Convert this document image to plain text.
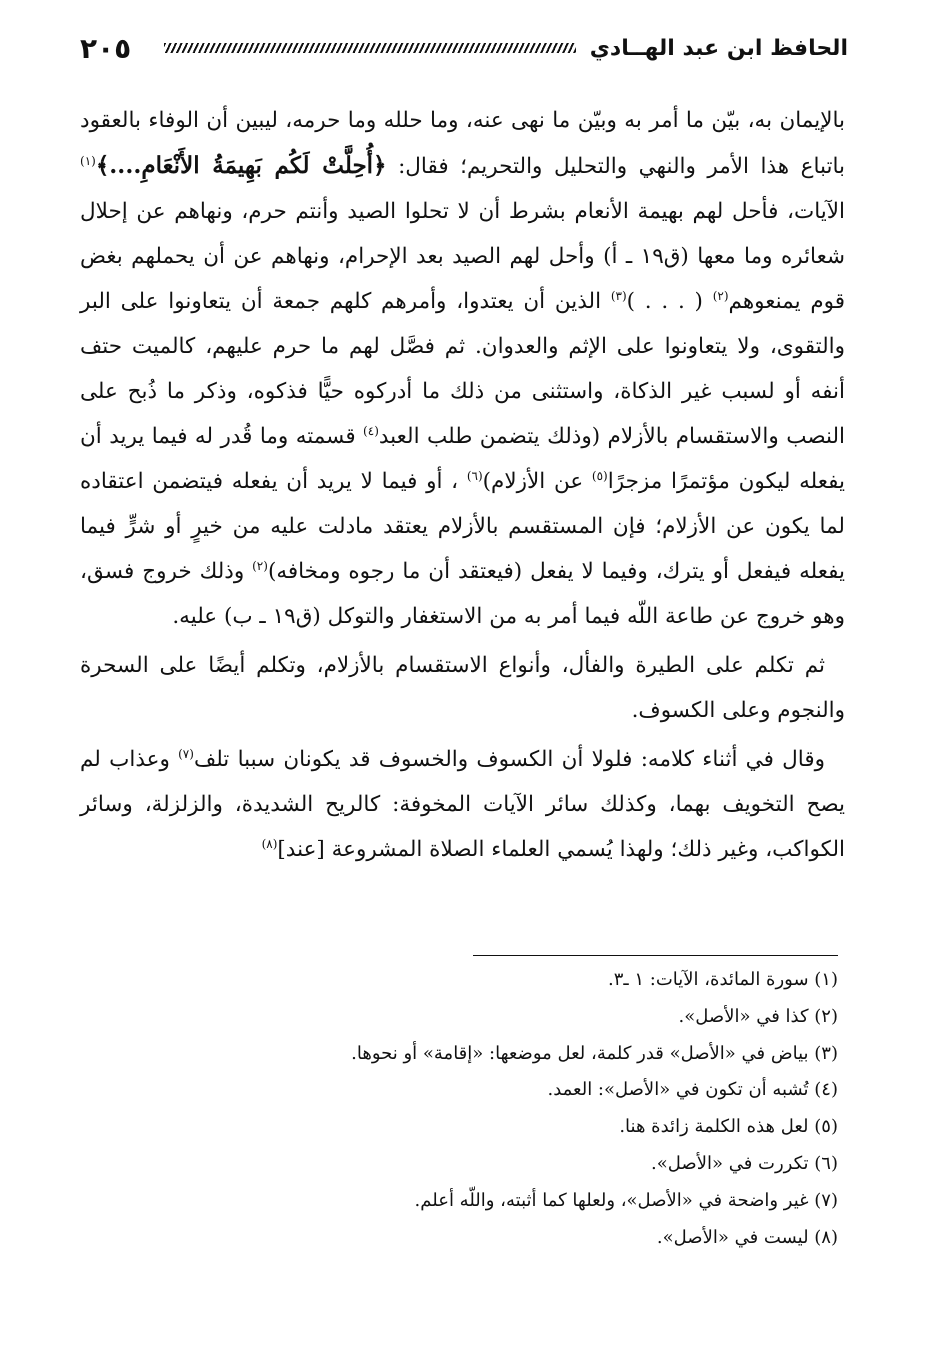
٢٠٥	الحافظ ابن عبد الهــادي

بالإيمان به، بيّن ما أمر به وبيّن ما نهى عنه، وما حلله وما حرمه، ليبين أن الوفاء بالعقود باتباع هذا الأمر والنهي والتحليل والتحريم؛ فقال: ﴿أُحِلَّتْ لَكُم بَهِيمَةُ الأَنْعَامِ....﴾$^{(١)}$ الآيات، فأحل لهم بهيمة الأنعام بشرط أن لا تحلوا الصيد وأنتم حرم، ونهاهم عن إحلال شعائره وما معها (ق١٩ ـ أ) وأحل لهم الصيد بعد الإحرام، ونهاهم عن أن يحملهم بغض قوم يمنعوهم$^{(٢)}$ ( . . . )$^{(٣)}$ الذين أن يعتدوا، وأمرهم كلهم جمعة أن يتعاونوا على البر والتقوى، ولا يتعاونوا على الإثم والعدوان. ثم فصَّل لهم ما حرم عليهم، كالميت حتف أنفه أو لسبب غير الذكاة، واستثنى من ذلك ما أدركوه حيًّا فذكوه، وذكر ما ذُبح على النصب والاستقسام بالأزلام (وذلك يتضمن طلب العبد$^{(٤)}$ قسمته وما قُدر له فيما يريد أن يفعله ليكون مؤتمرًا مزجرًا$^{(٥)}$ عن الأزلام)$^{(٦)}$ ، أو فيما لا يريد أن يفعله فيتضمن اعتقاده لما يكون عن الأزلام؛ فإن المستقسم بالأزلام يعتقد مادلت عليه من خيرٍ أو شرٍّ فيما يفعله فيفعل أو يترك، وفيما لا يفعل (فيعتقد أن ما رجوه ومخافه)$^{(٢)}$ وذلك خروج فسق، وهو خروج عن طاعة اللّه فيما أمر به من الاستغفار والتوكل (ق١٩ ـ ب) عليه.

ثم تكلم على الطيرة والفأل، وأنواع الاستقسام بالأزلام، وتكلم أيضًا على السحرة والنجوم وعلى الكسوف.

وقال في أثناء كلامه: فلولا أن الكسوف والخسوف قد يكونان سببا تلف$^{(٧)}$ وعذاب لم يصح التخويف بهما، وكذلك سائر الآيات المخوفة: كالريح الشديدة، والزلزلة، وسائر الكواكب، وغير ذلك؛ ولهذا يُسمي العلماء الصلاة المشروعة [عند]$^{(٨)}$

(١) سورة المائدة، الآيات: ١ ـ٣.
(٢) كذا في «الأصل».
(٣) بياض في «الأصل» قدر كلمة، لعل موضعها: «إقامة» أو نحوها.
(٤) تُشبه أن تكون في «الأصل»: العمد.
(٥) لعل هذه الكلمة زائدة هنا.
(٦) تكررت في «الأصل».
(٧) غير واضحة في «الأصل»، ولعلها كما أثبته، واللّه أعلم.
(٨) ليست في «الأصل».
